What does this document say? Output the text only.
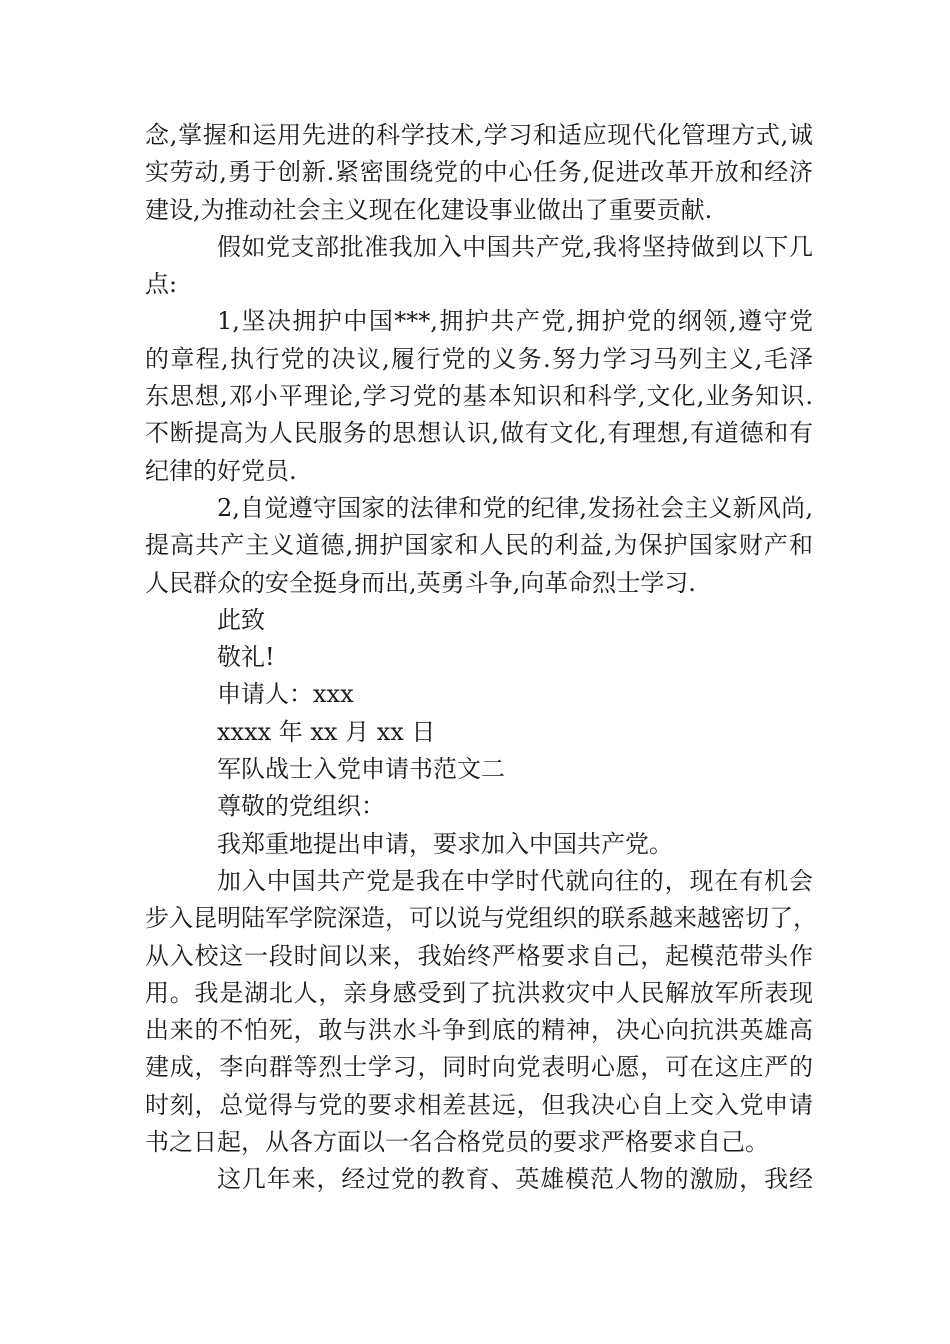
念,掌握和运用先进的科学技术,学习和适应现代化管理方式,诚
实劳动,勇于创新.紧密围绕党的中心任务,促进改革开放和经济
建设,为推动社会主义现在化建设事业做出了重要贡献.
假如党支部批准我加入中国共产党,我将坚持做到以下几
点:
1,坚决拥护中国***,拥护共产党,拥护党的纲领,遵守党
的章程,执行党的决议,履行党的义务.努力学习马列主义,毛泽
东思想,邓小平理论,学习党的基本知识和科学,文化,业务知识.
不断提高为人民服务的思想认识,做有文化,有理想,有道德和有
纪律的好党员.
2,自觉遵守国家的法律和党的纪律,发扬社会主义新风尚,
提高共产主义道德,拥护国家和人民的利益,为保护国家财产和
人民群众的安全挺身而出,英勇斗争,向革命烈士学习.
此致
敬礼!
申请人：xxx
xxxx 年 xx 月 xx 日
军队战士入党申请书范文二
尊敬的党组织：
我郑重地提出申请，要求加入中国共产党。
加入中国共产党是我在中学时代就向往的，现在有机会
步入昆明陆军学院深造，可以说与党组织的联系越来越密切了，
从入校这一段时间以来，我始终严格要求自己，起模范带头作
用。我是湖北人，亲身感受到了抗洪救灾中人民解放军所表现
出来的不怕死，敢与洪水斗争到底的精神，决心向抗洪英雄高
建成，李向群等烈士学习，同时向党表明心愿，可在这庄严的
时刻，总觉得与党的要求相差甚远，但我决心自上交入党申请
书之日起，从各方面以一名合格党员的要求严格要求自己。
这几年来，经过党的教育、英雄模范人物的激励，我经
